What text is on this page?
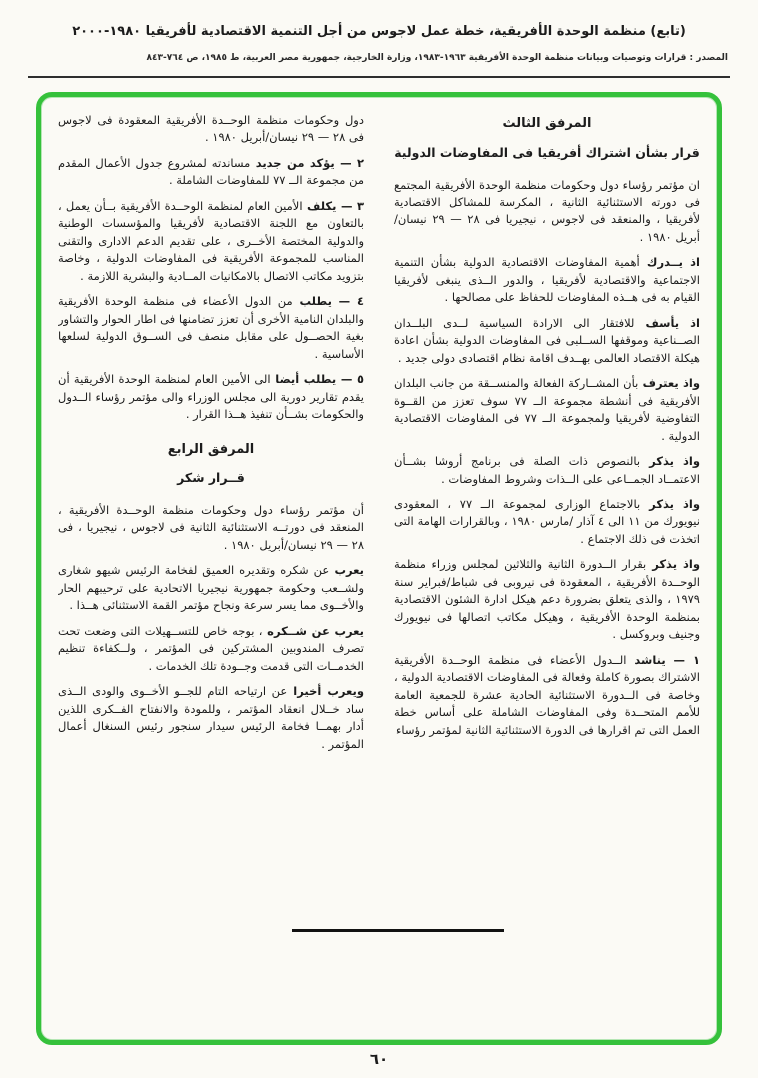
(تابع) منظمة الوحدة الأفريقية، خطة عمل لاجوس من أجل التنمية الاقتصادية لأفريقيا ١٩٨٠-٢٠٠٠
المصدر : قرارات وتوصيات وبيانات منظمة الوحدة الأفريقية ١٩٦٣-١٩٨٣، وزارة الخارجية، جمهورية مصر العربية، ط ١٩٨٥، ص ٧٦٤-٨٤٣
المرفق الثالث
قرار بشأن اشتراك أفريقيا فى المفاوضات الدولية

ان مؤتمر رؤساء دول وحكومات منظمة الوحدة الأفريقية المجتمع فى دورته الاستثنائية الثانية ، المكرسة للمشاكل الاقتصادية لأفريقيا ، والمنعقد فى لاجوس ، نيجيريا فى ٢٨ — ٢٩ نيسان/أبريل ١٩٨٠ .

اذ يــدرك أهمية المفاوضات الاقتصادية الدولية بشأن التنمية الاجتماعية والاقتصادية لأفريقيا ، والدور الــذى ينبغى لأفريقيا القيام به فى هــذه المفاوضات للحفاظ على مصالحها .

اذ يأسف للافتقار الى الارادة السياسية لــدى البلــدان الصــناعية وموقفها الســلبى فى المفاوضات الدولية بشأن اعادة هيكلة الاقتصاد العالمى بهــدف اقامة نظام اقتصادى دولى جديد .

واذ يعترف بأن المشــاركة الفعالة والمنســقة من جانب البلدان الأفريقية فى أنشطة مجموعة الــ ٧٧ سوف تعزز من القــوة التفاوضية لأفريقيا ولمجموعة الــ ٧٧ فى المفاوضات الاقتصادية الدولية .

واذ يذكر بالنصوص ذات الصلة فى برنامج أروشا بشــأن الاعتمــاد الجمــاعى على الــذات وشروط المفاوضات .

واذ يذكر بالاجتماع الوزارى لمجموعة الــ ٧٧ ، المعقودى نيويورك من ١١ الى ٤ آذار /مارس ١٩٨٠ ، وبالقرارات الهامة التى اتخذت فى ذلك الاجتماع .

واذ يذكر بقرار الــدورة الثانية والثلاثين لمجلس وزراء منظمة الوحــدة الأفريقية ، المعقودة فى نيروبى فى شباط/فبراير سنة ١٩٧٩ ، والذى يتعلق بضرورة دعم هيكل ادارة الشئون الاقتصادية بمنظمة الوحدة الأفريقية ، وهيكل مكاتب اتصالها فى نيويورك وجنيف وبروكسل .

١ — يناشد الــدول الأعضاء فى منظمة الوحــدة الأفريقية الاشتراك بصورة كاملة وفعالة فى المفاوضات الاقتصادية الدولية ، وخاصة فى الــدورة الاستثنائية الحادية عشرة للجمعية العامة للأمم المتحــدة وفى المفاوضات الشاملة على أساس خطة العمل التى تم اقرارها فى الدورة الاستثنائية الثانية لمؤتمر رؤساء

دول وحكومات منظمة الوحــدة الأفريقية المعقودة فى لاجوس فى ٢٨ — ٢٩ نيسان/أبريل ١٩٨٠ .

٢ — يؤكد من جديد مساندته لمشروع جدول الأعمال المقدم من مجموعة الــ ٧٧ للمفاوضات الشاملة .

٣ — يكلف الأمين العام لمنظمة الوحــدة الأفريقية بــأن يعمل ، بالتعاون مع اللجنة الاقتصادية لأفريقيا والمؤسسات الوطنية والدولية المختصة الأخــرى ، على تقديم الدعم الادارى والتقنى المناسب للمجموعة الأفريقية فى المفاوضات الدولية ، وخاصة بتزويد مكاتب الاتصال بالامكانيات المــادية والبشرية اللازمة .

٤ — يطلب من الدول الأعضاء فى منظمة الوحدة الأفريقية والبلدان النامية الأخرى أن تعزز تضامنها فى اطار الحوار والتشاور بغية الحصــول على مقابل منصف فى الســوق الدولية لسلعها الأساسية .

٥ — يطلب أيضا الى الأمين العام لمنظمة الوحدة الأفريقية أن يقدم تقارير دورية الى مجلس الوزراء والى مؤتمر رؤساء الــدول والحكومات بشــأن تنفيذ هــذا القرار .

المرفق الرابع
قــرار شكر

أن مؤتمر رؤساء دول وحكومات منظمة الوحــدة الأفريقية ، المنعقد فى دورتــه الاستثنائية الثانية فى لاجوس ، نيجيريا ، فى ٢٨ — ٢٩ نيسان/أبريل ١٩٨٠ .

يعرب عن شكره وتقديره العميق لفخامة الرئيس شيهو شغارى ولشــعب وحكومة جمهورية نيجيريا الاتحادية على ترحيبهم الحار والأخــوى مما يسر سرعة ونجاح مؤتمر القمة الاستثنائى هــذا .

يعرب عن شــكره ، بوجه خاص للتســهيلات التى وضعت تحت تصرف المندوبين المشتركين فى المؤتمر ، ولــكفاءة تنظيم الخدمــات التى قدمت وجــودة تلك الخدمات .

ويعرب أخيرا عن ارتياحه التام للجــو الأخــوى والودى الــذى ساد خــلال انعقاد المؤتمر ، وللمودة والانفتاح الفــكرى اللذين أدار بهمــا فخامة الرئيس سيدار سنجور رئيس السنغال أعمال المؤتمر .

٦٠
